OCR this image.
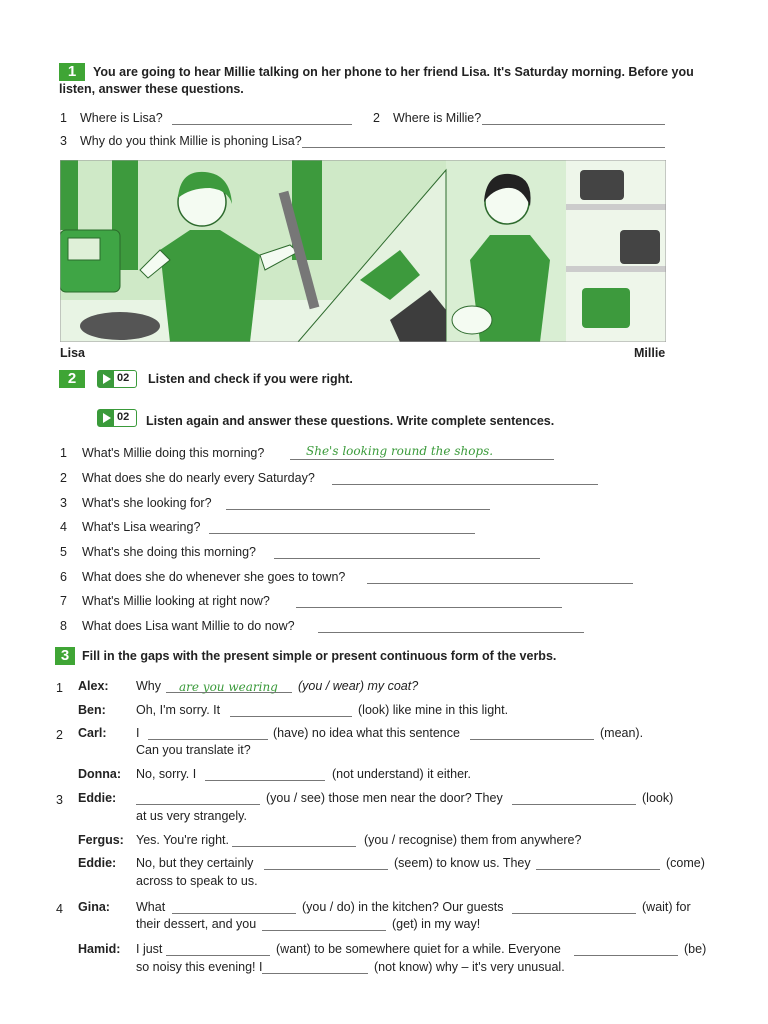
1	You are going to hear Millie talking on her phone to her friend Lisa. It's Saturday morning. Before you
listen, answer these questions.
1 Where is Lisa?	2 Where is Millie?
3 Why do you think Millie is phoning Lisa?
Lisa	Millie
2	02 Listen and check if you were right.
02 Listen again and answer these questions. Write complete sentences.
1 What's Millie doing this morning?	She's looking round the shops.
2 What does she do nearly every Saturday?
3 What's she looking for?
4 What's Lisa wearing?
5 What's she doing this morning?
6 What does she do whenever she goes to town?
7 What's Millie looking at right now?
8 What does Lisa want Millie to do now?
3	Fill in the gaps with the present simple or present continuous form of the verbs.
1 Alex: Why are you wearing (you / wear) my coat?
Ben: Oh, I'm sorry. It	(look) like mine in this light.
2 Carl: I	(have) no idea what this sentence	(mean).
Can you translate it?
Donna: No, sorry. I	(not understand) it either.
3 Eddie:	(you / see) those men near the door? They	(look)
at us very strangely.
Fergus: Yes. You're right.	(you / recognise) them from anywhere?
Eddie: No, but they certainly	(seem) to know us. They	(come)
across to speak to us.
4 Gina: What	(you / do) in the kitchen? Our guests	(wait) for
their dessert, and you	(get) in my way!
Hamid: I just	(want) to be somewhere quiet for a while. Everyone	(be)
so noisy this evening! I	(not know) why – it's very unusual.
